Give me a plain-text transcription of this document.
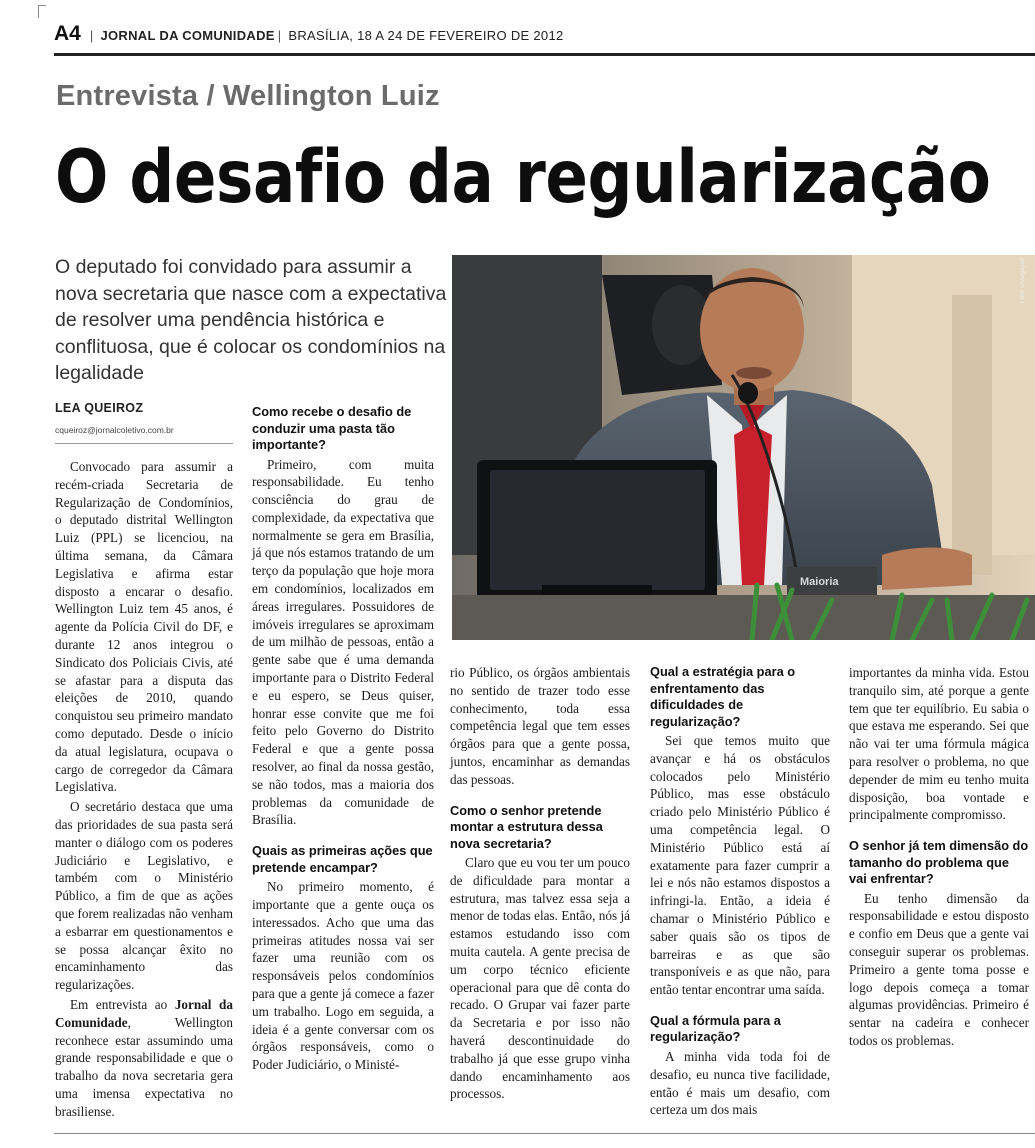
A4 | JORNAL DA COMUNIDADE | BRASÍLIA, 18 A 24 DE FEVEREIRO DE 2012
Entrevista / Wellington Luiz
O desafio da regularização
O deputado foi convidado para assumir a nova secretaria que nasce com a expectativa de resolver uma pendência histórica e conflituosa, que é colocar os condomínios na legalidade
LEA QUEIROZ
cqueiroz@jornalcoletivo.com.br

Convocado para assumir a recém-criada Secretaria de Regularização de Condomínios, o deputado distrital Wellington Luiz (PPL) se licenciou, na última semana, da Câmara Legislativa e afirma estar disposto a encarar o desafio. Wellington Luiz tem 45 anos, é agente da Polícia Civil do DF, e durante 12 anos integrou o Sindicato dos Policiais Civis, até se afastar para a disputa das eleições de 2010, quando conquistou seu primeiro mandato como deputado. Desde o início da atual legislatura, ocupava o cargo de corregedor da Câmara Legislativa.

O secretário destaca que uma das prioridades de sua pasta será manter o diálogo com os poderes Judiciário e Legislativo, e também com o Ministério Público, a fim de que as ações que forem realizadas não venham a esbarrar em questionamentos e se possa alcançar êxito no encaminhamento das regularizações.

Em entrevista ao Jornal da Comunidade, Wellington reconhece estar assumindo uma grande responsabilidade e que o trabalho da nova secretaria gera uma imensa expectativa no brasiliense.

Como recebe o desafio de conduzir uma pasta tão importante?

Primeiro, com muita responsabilidade. Eu tenho consciência do grau de complexidade, da expectativa que normalmente se gera em Brasília, já que nós estamos tratando de um terço da população que hoje mora em condomínios, localizados em áreas irregulares. Possuidores de imóveis irregulares se aproximam de um milhão de pessoas, então a gente sabe que é uma demanda importante para o Distrito Federal e eu espero, se Deus quiser, honrar esse convite que me foi feito pelo Governo do Distrito Federal e que a gente possa resolver, ao final da nossa gestão, se não todos, mas a maioria dos problemas da comunidade de Brasília.

Quais as primeiras ações que pretende encampar?

No primeiro momento, é importante que a gente ouça os interessados. Acho que uma das primeiras atitudes nossa vai ser fazer uma reunião com os responsáveis pelos condomínios para que a gente já comece a fazer um trabalho. Logo em seguida, a ideia é a gente conversar com os órgãos responsáveis, como o Poder Judiciário, o Ministé-

Maioria
Foto: Divulgação

rio Público, os órgãos ambientais no sentido de trazer todo esse conhecimento, toda essa competência legal que tem esses órgãos para que a gente possa, juntos, encaminhar as demandas das pessoas.

Como o senhor pretende montar a estrutura dessa nova secretaria?

Claro que eu vou ter um pouco de dificuldade para montar a estrutura, mas talvez essa seja a menor de todas elas. Então, nós já estamos estudando isso com muita cautela. A gente precisa de um corpo técnico eficiente operacional para que dê conta do recado. O Grupar vai fazer parte da Secretaria e por isso não haverá descontinuidade do trabalho já que esse grupo vinha dando encaminhamento aos processos.

Qual a estratégia para o enfrentamento das dificuldades de regularização?

Sei que temos muito que avançar e há os obstáculos colocados pelo Ministério Público, mas esse obstáculo criado pelo Ministério Público é uma competência legal. O Ministério Público está aí exatamente para fazer cumprir a lei e nós não estamos dispostos a infringi-la. Então, a ideia é chamar o Ministério Público e saber quais são os tipos de barreiras e as que são transponíveis e as que não, para então tentar encontrar uma saída.

Qual a fórmula para a regularização?

A minha vida toda foi de desafio, eu nunca tive facilidade, então é mais um desafio, com certeza um dos mais

importantes da minha vida. Estou tranquilo sim, até porque a gente tem que ter equilíbrio. Eu sabia o que estava me esperando. Sei que não vai ter uma fórmula mágica para resolver o problema, no que depender de mim eu tenho muita disposição, boa vontade e principalmente compromisso.

O senhor já tem dimensão do tamanho do problema que vai enfrentar?

Eu tenho dimensão da responsabilidade e estou disposto e confio em Deus que a gente vai conseguir superar os problemas. Primeiro a gente toma posse e logo depois começa a tomar algumas providências. Primeiro é sentar na cadeira e conhecer todos os problemas.
